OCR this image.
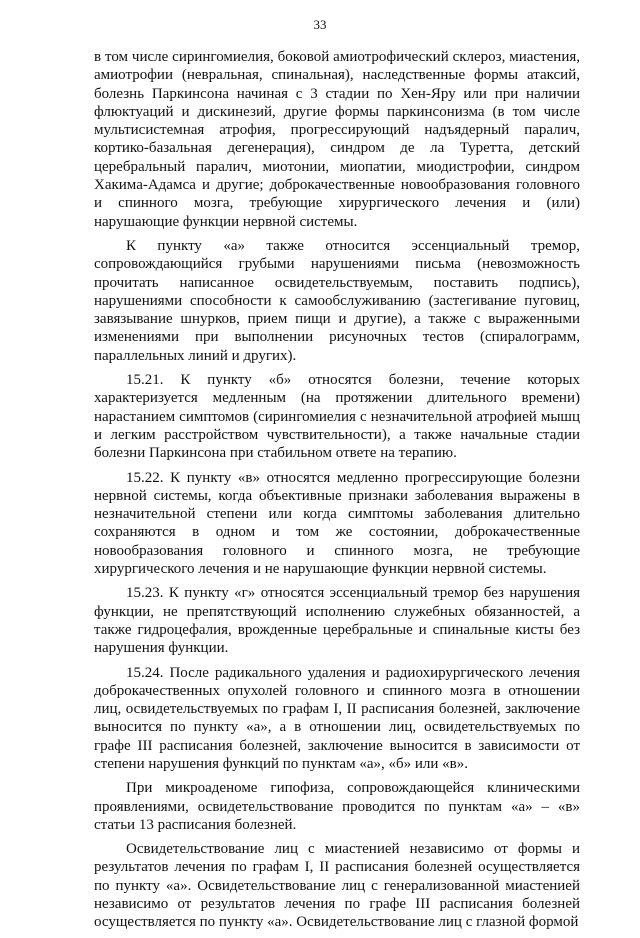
33

в том числе сирингомиелия, боковой амиотрофический склероз, миастения, амиотрофии (невральная, спинальная), наследственные формы атаксий, болезнь Паркинсона начиная с 3 стадии по Хен-Яру или при наличии флюктуаций и дискинезий, другие формы паркинсонизма (в том числе мультисистемная атрофия, прогрессирующий надъядерный паралич, кортико-базальная дегенерация), синдром де ла Туретта, детский церебральный паралич, миотонии, миопатии, миодистрофии, синдром Хакима-Адамса и другие; доброкачественные новообразования головного и спинного мозга, требующие хирургического лечения и (или) нарушающие функции нервной системы.

К пункту «а» также относится эссенциальный тремор, сопровождающийся грубыми нарушениями письма (невозможность прочитать написанное освидетельствуемым, поставить подпись), нарушениями способности к самообслуживанию (застегивание пуговиц, завязывание шнурков, прием пищи и другие), а также с выраженными изменениями при выполнении рисуночных тестов (спиралограмм, параллельных линий и других).

15.21. К пункту «б» относятся болезни, течение которых характеризуется медленным (на протяжении длительного времени) нарастанием симптомов (сирингомиелия с незначительной атрофией мышц и легким расстройством чувствительности), а также начальные стадии болезни Паркинсона при стабильном ответе на терапию.

15.22. К пункту «в» относятся медленно прогрессирующие болезни нервной системы, когда объективные признаки заболевания выражены в незначительной степени или когда симптомы заболевания длительно сохраняются в одном и том же состоянии, доброкачественные новообразования головного и спинного мозга, не требующие хирургического лечения и не нарушающие функции нервной системы.

15.23. К пункту «г» относятся эссенциальный тремор без нарушения функции, не препятствующий исполнению служебных обязанностей, а также гидроцефалия, врожденные церебральные и спинальные кисты без нарушения функции.

15.24. После радикального удаления и радиохирургического лечения доброкачественных опухолей головного и спинного мозга в отношении лиц, освидетельствуемых по графам I, II расписания болезней, заключение выносится по пункту «а», а в отношении лиц, освидетельствуемых по графе III расписания болезней, заключение выносится в зависимости от степени нарушения функций по пунктам «а», «б» или «в».

При микроаденоме гипофиза, сопровождающейся клиническими проявлениями, освидетельствование проводится по пунктам «а» – «в» статьи 13 расписания болезней.

Освидетельствование лиц с миастенией независимо от формы и результатов лечения по графам I, II расписания болезней осуществляется по пункту «а». Освидетельствование лиц с генерализованной миастенией независимо от результатов лечения по графе III расписания болезней осуществляется по пункту «а». Освидетельствование лиц с глазной формой
